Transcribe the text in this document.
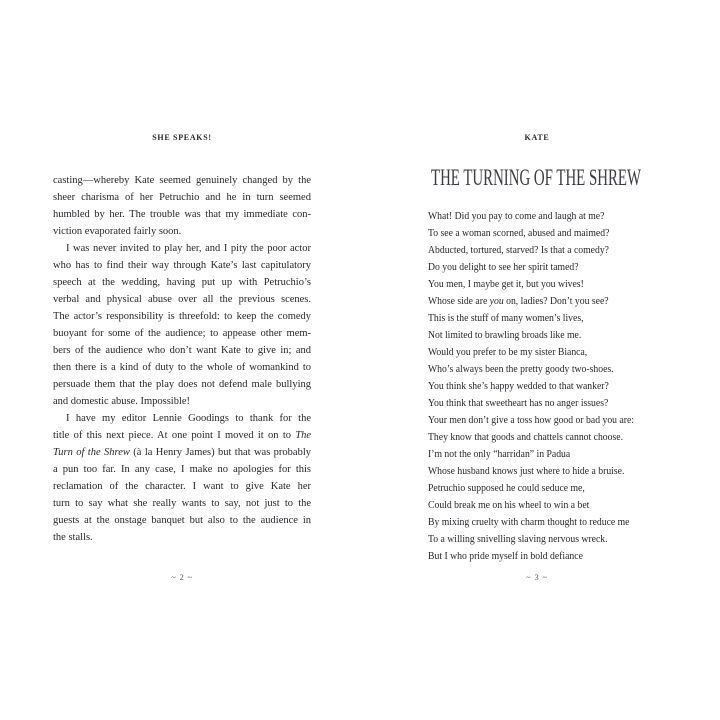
SHE SPEAKS!
casting—whereby Kate seemed genuinely changed by the
sheer charisma of her Petruchio and he in turn seemed
humbled by her. The trouble was that my immediate con-
viction evaporated fairly soon.
I was never invited to play her, and I pity the poor actor
who has to find their way through Kate’s last capitulatory
speech at the wedding, having put up with Petruchio’s
verbal and physical abuse over all the previous scenes.
The actor’s responsibility is threefold: to keep the comedy
buoyant for some of the audience; to appease other mem-
bers of the audience who don’t want Kate to give in; and
then there is a kind of duty to the whole of womankind to
persuade them that the play does not defend male bullying
and domestic abuse. Impossible!
I have my editor Lennie Goodings to thank for the
title of this next piece. At one point I moved it on to The
Turn of the Shrew (à la Henry James) but that was probably
a pun too far. In any case, I make no apologies for this
reclamation of the character. I want to give Kate her
turn to say what she really wants to say, not just to the
guests at the onstage banquet but also to the audience in
the stalls.
~ 2 ~
KATE
THE TURNING OF THE SHREW
What! Did you pay to come and laugh at me?
To see a woman scorned, abused and maimed?
Abducted, tortured, starved? Is that a comedy?
Do you delight to see her spirit tamed?
You men, I maybe get it, but you wives!
Whose side are you on, ladies? Don’t you see?
This is the stuff of many women’s lives,
Not limited to brawling broads like me.
Would you prefer to be my sister Bianca,
Who’s always been the pretty goody two-shoes.
You think she’s happy wedded to that wanker?
You think that sweetheart has no anger issues?
Your men don’t give a toss how good or bad you are:
They know that goods and chattels cannot choose.
I’m not the only “harridan” in Padua
Whose husband knows just where to hide a bruise.
Petruchio supposed he could seduce me,
Could break me on his wheel to win a bet
By mixing cruelty with charm thought to reduce me
To a willing snivelling slaving nervous wreck.
But I who pride myself in bold defiance
~ 3 ~
